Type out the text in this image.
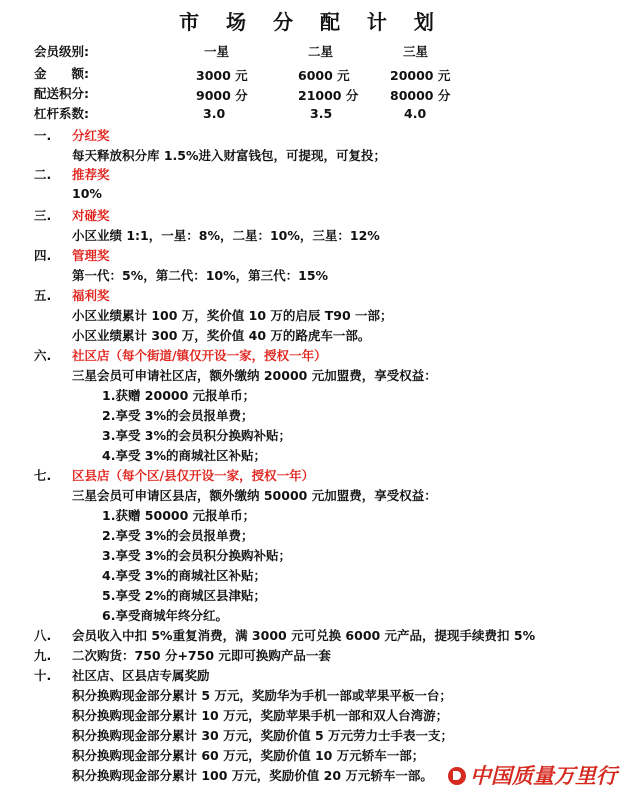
市 场 分 配 计 划
会员级别:	一星	二星	三星
金　　额:	3000 元	6000 元	20000 元
配送积分:	9000 分	21000 分	80000 分
杠杆系数:	3.0	3.5	4.0
一. 分红奖
每天释放积分库 1.5%进入财富钱包，可提现，可复投；
二. 推荐奖
10%
三. 对碰奖
小区业绩 1:1，一星：8%，二星：10%，三星：12%
四. 管理奖
第一代：5%，第二代：10%，第三代：15%
五. 福利奖
小区业绩累计 100 万，奖价值 10 万的启辰 T90 一部；
小区业绩累计 300 万，奖价值 40 万的路虎车一部。
六. 社区店（每个街道/镇仅开设一家，授权一年）
三星会员可申请社区店，额外缴纳 20000 元加盟费，享受权益：
1.获赠 20000 元报单币；
2.享受 3%的会员报单费；
3.享受 3%的会员积分换购补贴；
4.享受 3%的商城社区补贴；
七. 区县店（每个区/县仅开设一家，授权一年）
三星会员可申请区县店，额外缴纳 50000 元加盟费，享受权益：
1.获赠 50000 元报单币；
2.享受 3%的会员报单费；
3.享受 3%的会员积分换购补贴；
4.享受 3%的商城社区补贴；
5.享受 2%的商城区县津贴；
6.享受商城年终分红。
八. 会员收入中扣 5%重复消费，满 3000 元可兑换 6000 元产品，提现手续费扣 5%
九. 二次购货：750 分+750 元即可换购产品一套
十. 社区店、区县店专属奖励
积分换购现金部分累计 5 万元，奖励华为手机一部或苹果平板一台；
积分换购现金部分累计 10 万元，奖励苹果手机一部和双人台湾游；
积分换购现金部分累计 30 万元，奖励价值 5 万元劳力士手表一支；
积分换购现金部分累计 60 万元，奖励价值 10 万元轿车一部；
积分换购现金部分累计 100 万元，奖励价值 20 万元轿车一部。	中国质量万里行
